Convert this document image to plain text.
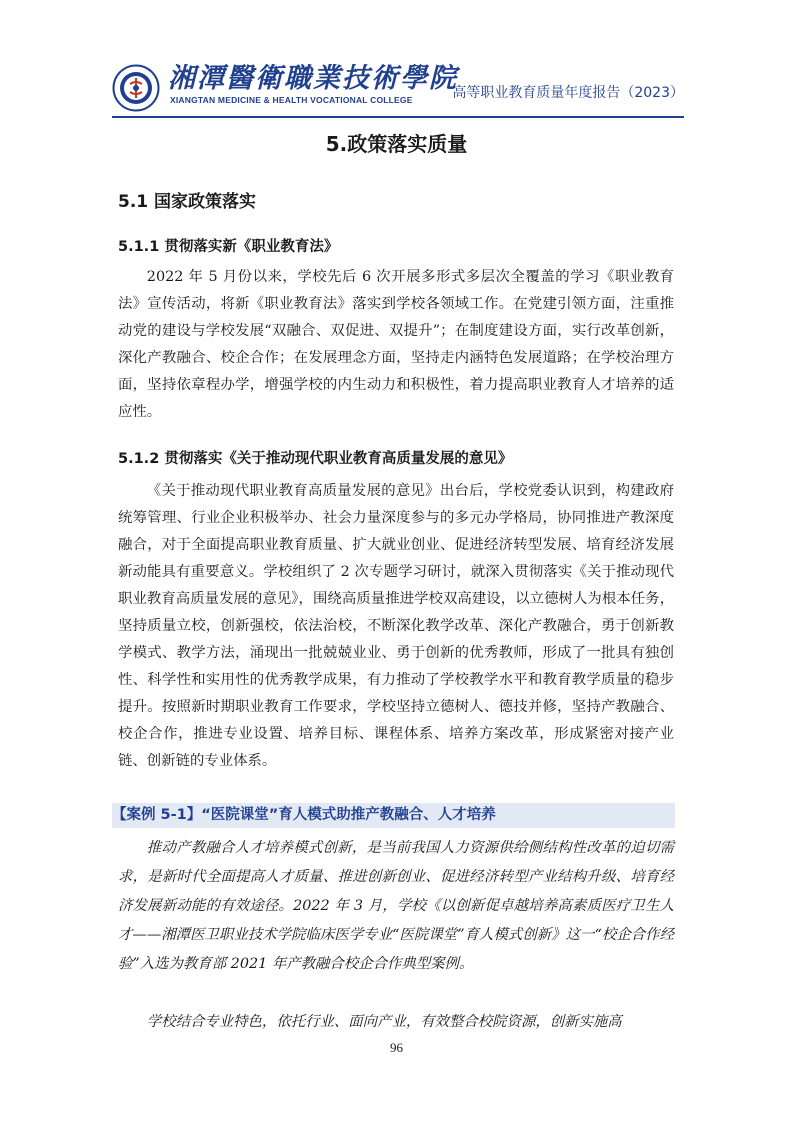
湘潭醫衛職業技術學院
XIANGTAN MEDICINE & HEALTH VOCATIONAL COLLEGE	高等职业教育质量年度报告（2023）
5.政策落实质量
5.1 国家政策落实
5.1.1 贯彻落实新《职业教育法》

2022 年 5 月份以来，学校先后 6 次开展多形式多层次全覆盖的学习《职业教育法》宣传活动，将新《职业教育法》落实到学校各领域工作。在党建引领方面，注重推动党的建设与学校发展“双融合、双促进、双提升”；在制度建设方面，实行改革创新，深化产教融合、校企合作；在发展理念方面，坚持走内涵特色发展道路；在学校治理方面，坚持依章程办学，增强学校的内生动力和积极性，着力提高职业教育人才培养的适应性。

5.1.2 贯彻落实《关于推动现代职业教育高质量发展的意见》

《关于推动现代职业教育高质量发展的意见》出台后，学校党委认识到，构建政府统筹管理、行业企业积极举办、社会力量深度参与的多元办学格局，协同推进产教深度融合，对于全面提高职业教育质量、扩大就业创业、促进经济转型发展、培育经济发展新动能具有重要意义。学校组织了 2 次专题学习研讨，就深入贯彻落实《关于推动现代职业教育高质量发展的意见》，围绕高质量推进学校双高建设，以立德树人为根本任务，坚持质量立校，创新强校，依法治校，不断深化教学改革、深化产教融合，勇于创新教学模式、教学方法，涌现出一批兢兢业业、勇于创新的优秀教师，形成了一批具有独创性、科学性和实用性的优秀教学成果，有力推动了学校教学水平和教育教学质量的稳步提升。按照新时期职业教育工作要求，学校坚持立德树人、德技并修，坚持产教融合、校企合作，推进专业设置、培养目标、课程体系、培养方案改革，形成紧密对接产业链、创新链的专业体系。

【案例 5-1】“医院课堂”育人模式助推产教融合、人才培养

推动产教融合人才培养模式创新，是当前我国人力资源供给侧结构性改革的迫切需求，是新时代全面提高人才质量、推进创新创业、促进经济转型产业结构升级、培育经济发展新动能的有效途径。2022 年 3 月，学校《以创新促卓越培养高素质医疗卫生人才——湘潭医卫职业技术学院临床医学专业“医院课堂”育人模式创新》这一“校企合作经验”入选为教育部 2021 年产教融合校企合作典型案例。

学校结合专业特色，依托行业、面向产业，有效整合校院资源，创新实施高

96
